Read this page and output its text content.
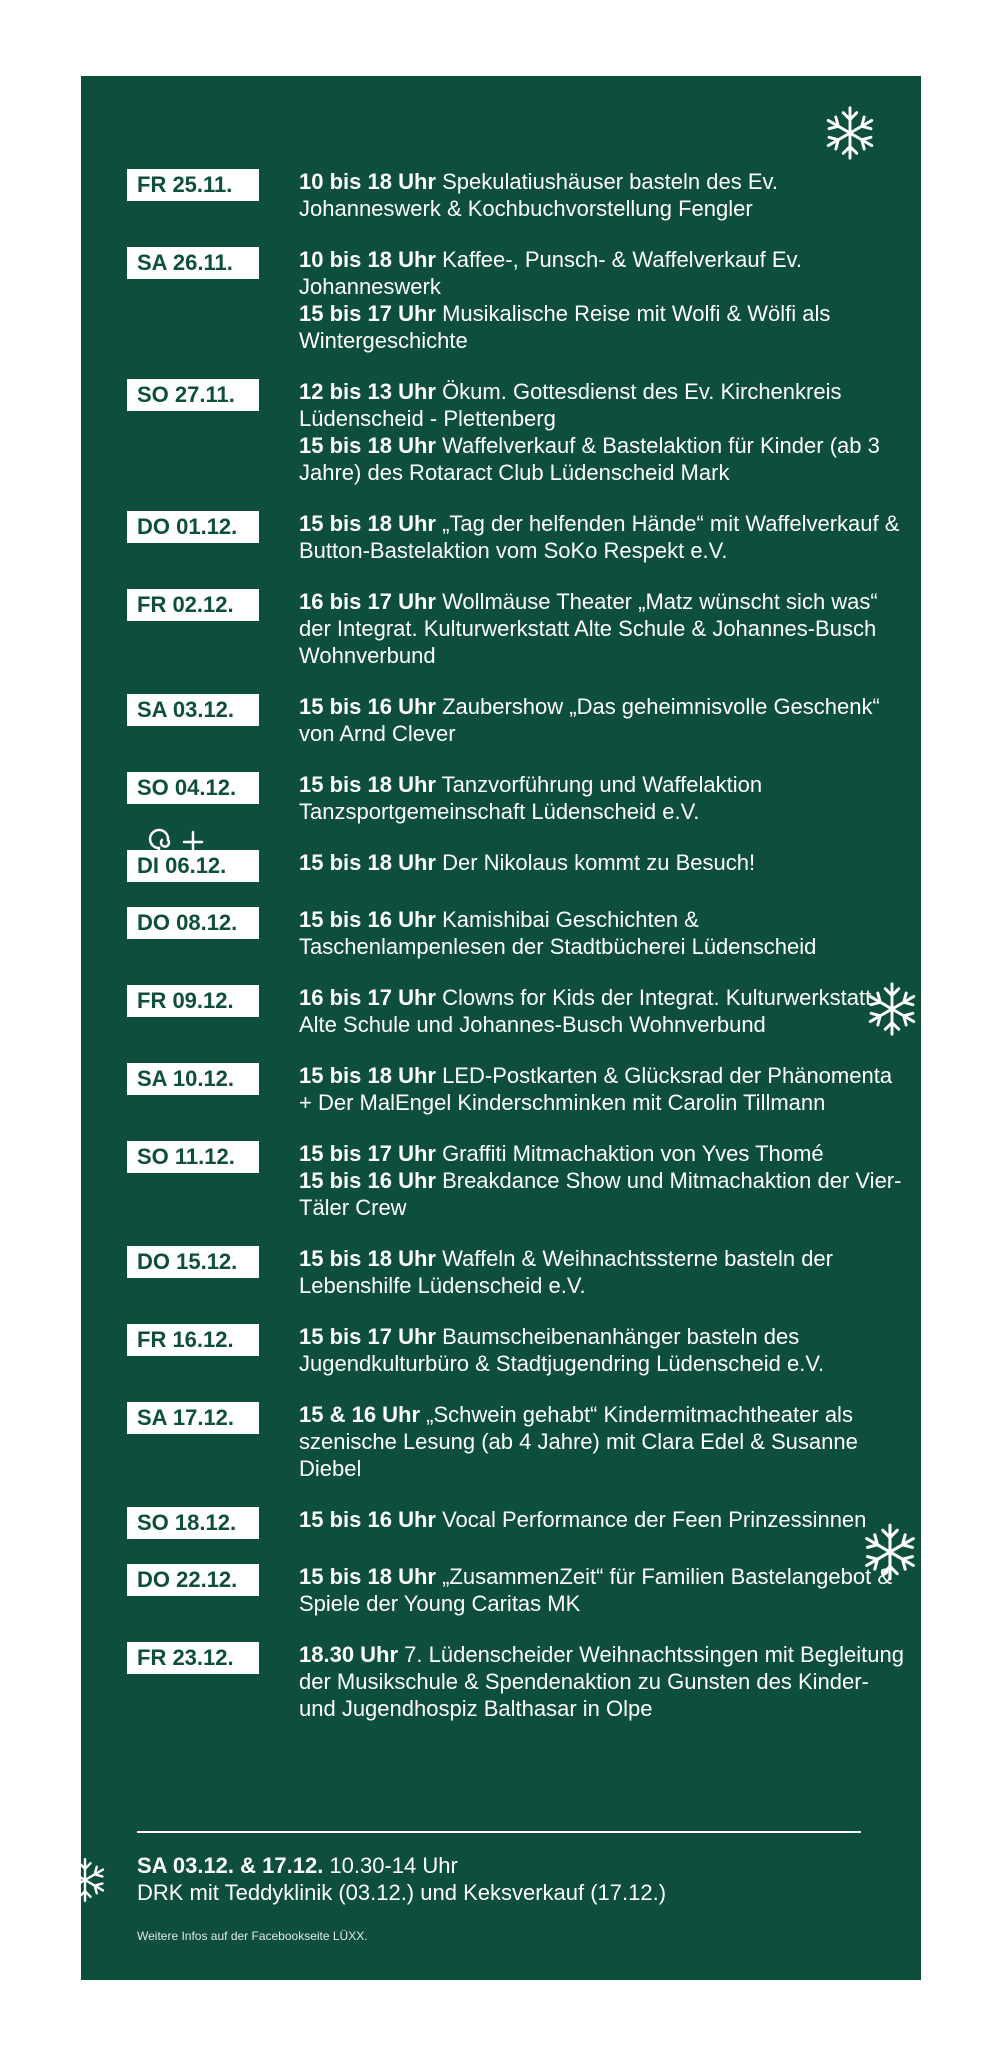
FR 25.11.	10 bis 18 Uhr Spekulatiushäuser basteln des Ev. Johanneswerk & Kochbuchvorstellung Fengler
SA 26.11.	10 bis 18 Uhr Kaffee-, Punsch- & Waffelverkauf Ev. Johanneswerk
15 bis 17 Uhr Musikalische Reise mit Wolfi & Wölfi als Wintergeschichte
SO 27.11.	12 bis 13 Uhr Ökum. Gottesdienst des Ev. Kirchenkreis Lüdenscheid - Plettenberg
15 bis 18 Uhr Waffelverkauf & Bastelaktion für Kinder (ab 3 Jahre) des Rotaract Club Lüdenscheid Mark
DO 01.12.	15 bis 18 Uhr „Tag der helfenden Hände“ mit Waffelverkauf & Button-Bastelaktion vom SoKo Respekt e.V.
FR 02.12.	16 bis 17 Uhr Wollmäuse Theater „Matz wünscht sich was“ der Integrat. Kulturwerkstatt Alte Schule & Johannes-Busch Wohnverbund
SA 03.12.	15 bis 16 Uhr Zaubershow „Das geheimnisvolle Geschenk“ von Arnd Clever
SO 04.12.	15 bis 18 Uhr Tanzvorführung und Waffelaktion Tanzsportgemeinschaft Lüdenscheid e.V.
DI 06.12.	15 bis 18 Uhr Der Nikolaus kommt zu Besuch!
DO 08.12.	15 bis 16 Uhr Kamishibai Geschichten & Taschenlampenlesen der Stadtbücherei Lüdenscheid
FR 09.12.	16 bis 17 Uhr Clowns for Kids der Integrat. Kulturwerkstatt Alte Schule und Johannes-Busch Wohnverbund
SA 10.12.	15 bis 18 Uhr LED-Postkarten & Glücksrad der Phänomenta + Der MalEngel Kinderschminken mit Carolin Tillmann
SO 11.12.	15 bis 17 Uhr Graffiti Mitmachaktion von Yves Thomé
15 bis 16 Uhr Breakdance Show und Mitmachaktion der Vier-Täler Crew
DO 15.12.	15 bis 18 Uhr Waffeln & Weihnachtssterne basteln der Lebenshilfe Lüdenscheid e.V.
FR 16.12.	15 bis 17 Uhr Baumscheibenanhänger basteln des Jugendkulturbüro & Stadtjugendring Lüdenscheid e.V.
SA 17.12.	15 & 16 Uhr „Schwein gehabt“ Kindermitmachtheater als szenische Lesung (ab 4 Jahre) mit Clara Edel & Susanne Diebel
SO 18.12.	15 bis 16 Uhr Vocal Performance der Feen Prinzessinnen
DO 22.12.	15 bis 18 Uhr „ZusammenZeit“ für Familien Bastelangebot & Spiele der Young Caritas MK
FR 23.12.	18.30 Uhr 7. Lüdenscheider Weihnachtssingen mit Begleitung der Musikschule & Spendenaktion zu Gunsten des Kinder- und Jugendhospiz Balthasar in Olpe
SA 03.12. & 17.12. 10.30-14 Uhr
DRK mit Teddyklinik (03.12.) und Keksverkauf (17.12.)
Weitere Infos auf der Facebookseite LÜXX.
